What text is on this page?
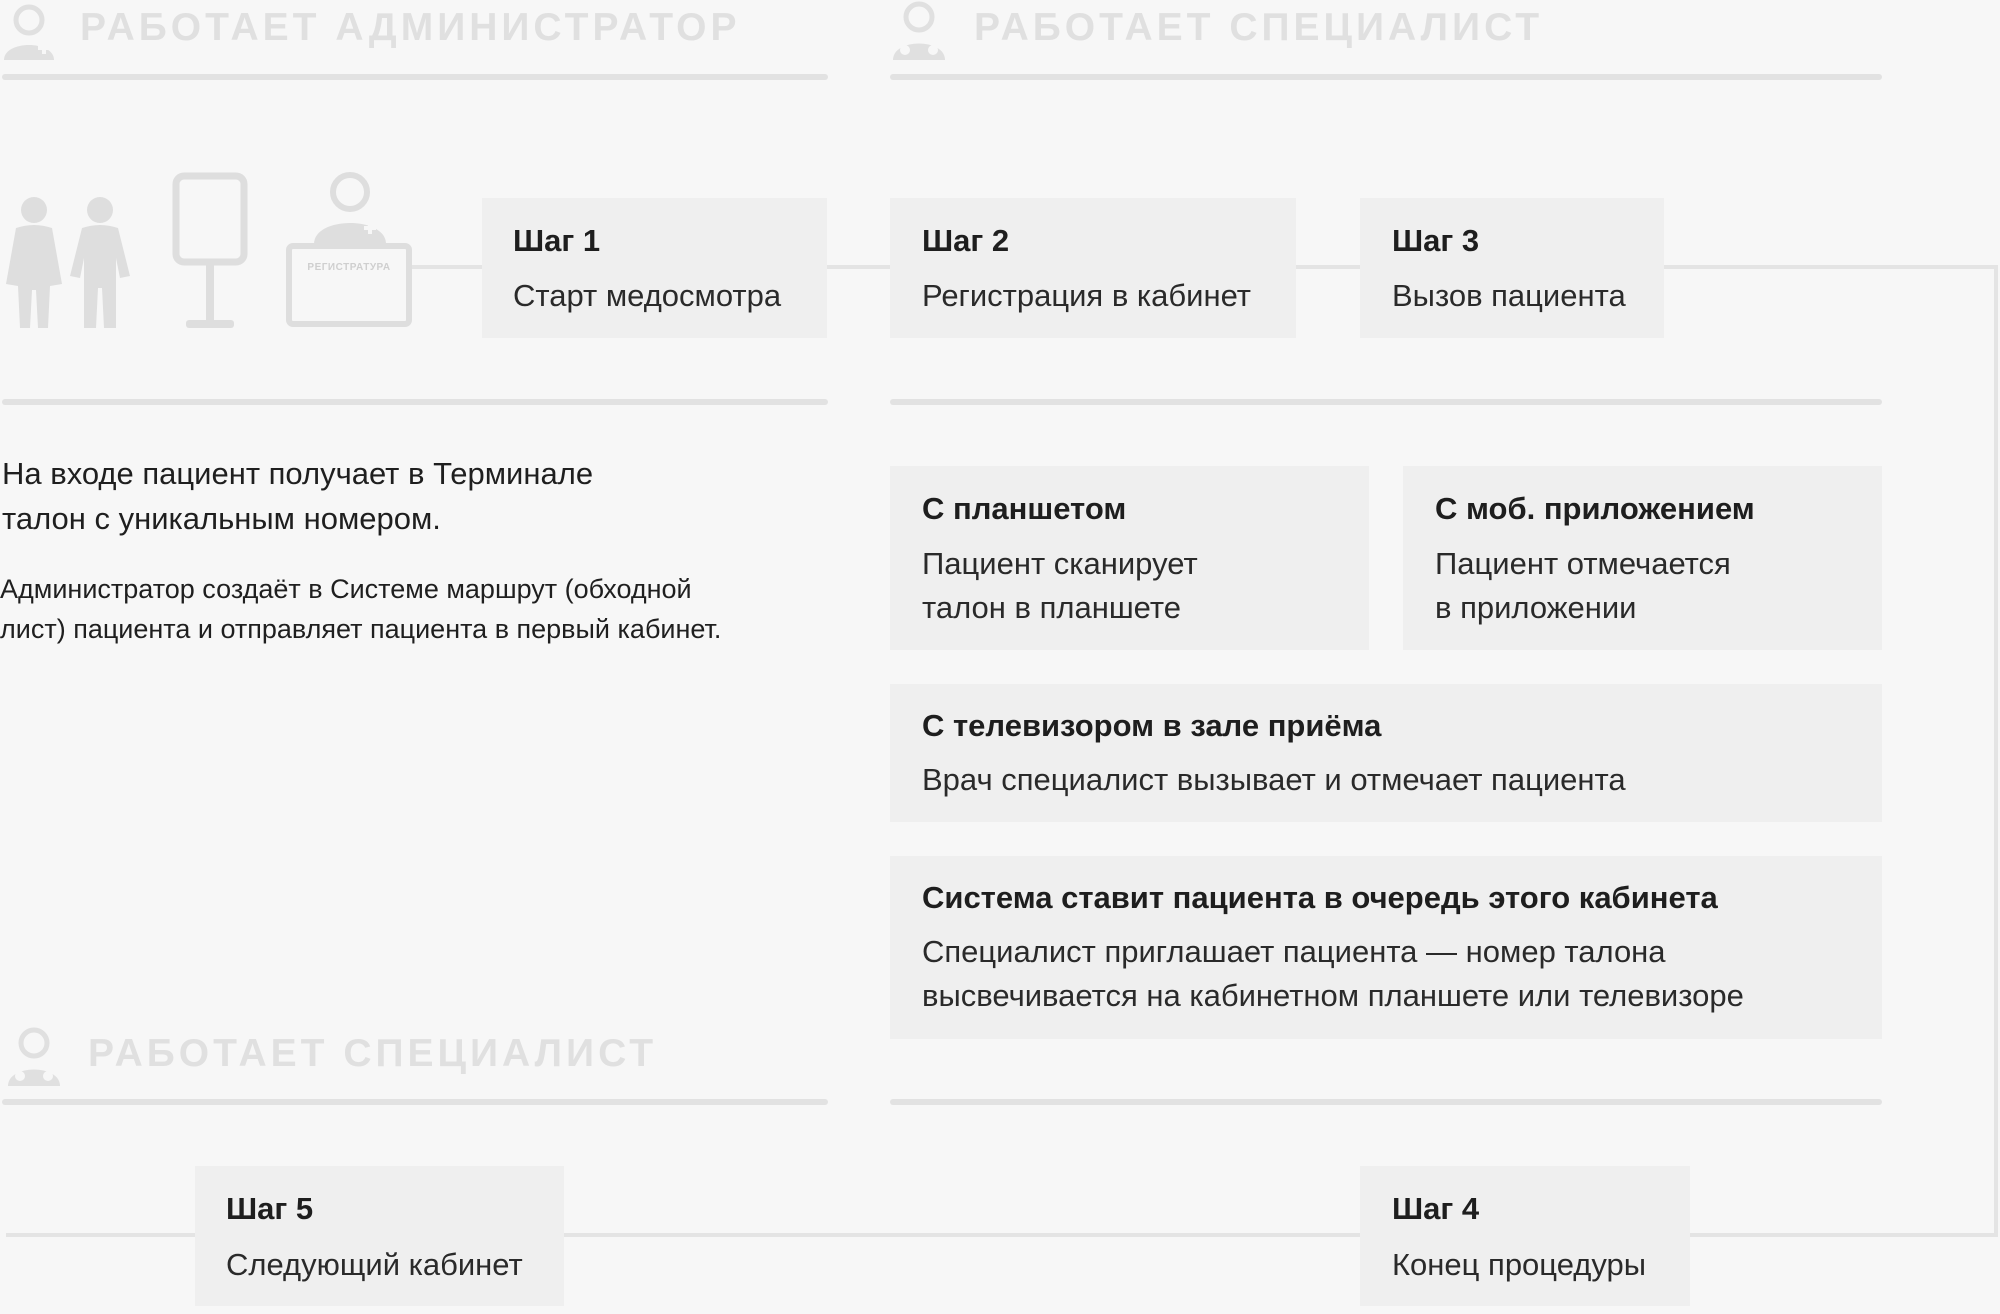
РАБОТАЕТ АДМИНИСТРАТОР	РАБОТАЕТ СПЕЦИАЛИСТ
РЕГИСТРАТУРА
Шаг 1
Старт медосмотра
Шаг 2
Регистрация в кабинет
Шаг 3
Вызов пациента
На входе пациент получает в Терминале
талон с уникальным номером.
Администратор создаёт в Системе маршрут (обходной
лист) пациента и отправляет пациента в первый кабинет.
С планшетом
Пациент сканирует
талон в планшете
С моб. приложением
Пациент отмечается
в приложении
С телевизором в зале приёма
Врач специалист вызывает и отмечает пациента
Система ставит пациента в очередь этого кабинета
Специалист приглашает пациента — номер талона
высвечивается на кабинетном планшете или телевизоре
РАБОТАЕТ СПЕЦИАЛИСТ
Шаг 5
Следующий кабинет
Шаг 4
Конец процедуры
